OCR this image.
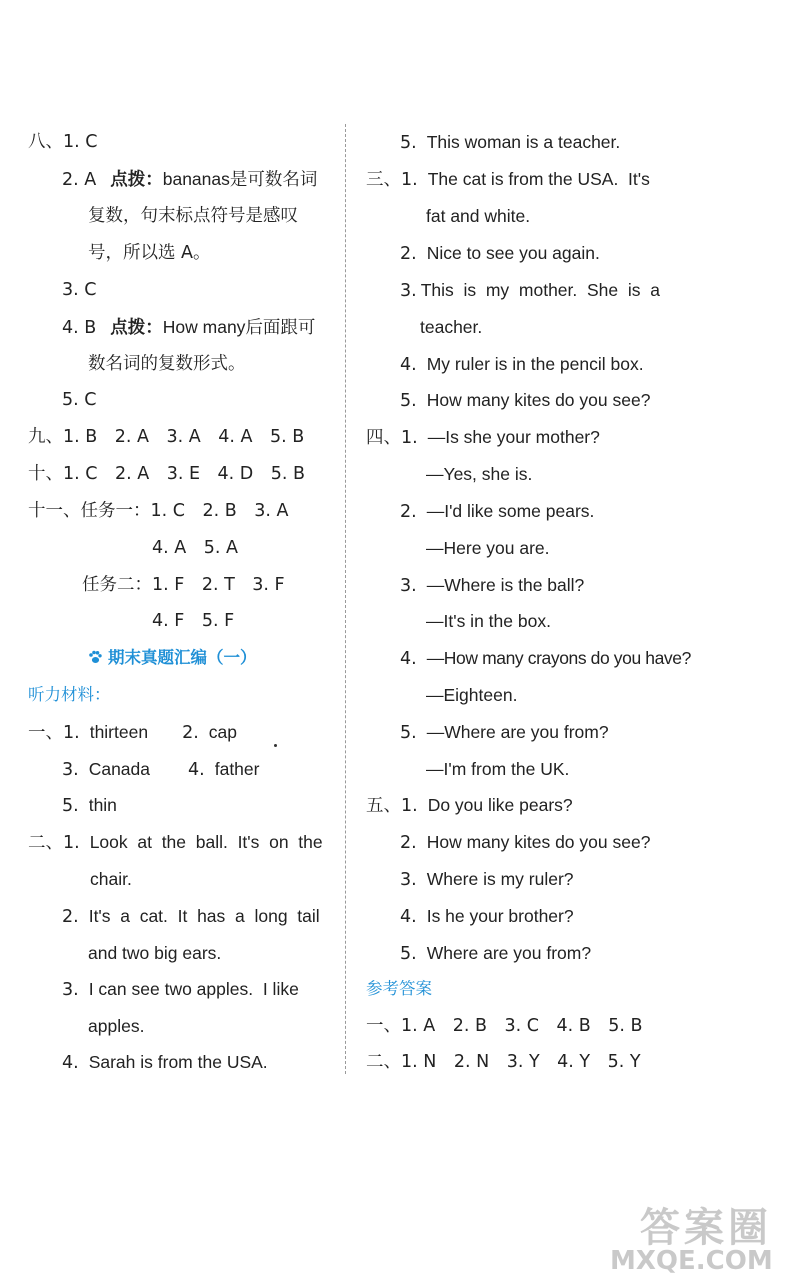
八、1. C
2. A 点拨：bananas是可数名词
复数，句末标点符号是感叹
号，所以选 A。
3. C
4. B 点拨：How many后面跟可
数名词的复数形式。
5. C
九、1. B　2. A　3. A　4. A　5. B
十、1. C　2. A　3. E　4. D　5. B
十一、任务一：1. C　2. B　3. A
4. A　5. A
任务二：1. F　2. T　3. F
4. F　5. F
期末真题汇编（一）
听力材料：
一、1. thirteen 2. cap
3. Canada 4. father
5. thin
二、1. Look  at  the  ball.  It's  on  the
chair.
2. It's  a  cat.  It  has  a  long  tail
and two big ears.
3. I can see two apples.  I like
apples.
4. Sarah is from the USA.
5. This woman is a teacher.
三、1. The cat is from the USA.  It's
fat and white.
2. Nice to see you again.
3. This  is  my  mother.  She  is  a
teacher.
4. My ruler is in the pencil box.
5. How many kites do you see?
四、1. —Is she your mother?
—Yes, she is.
2. —I'd like some pears.
—Here you are.
3. —Where is the ball?
—It's in the box.
4. —How many crayons do you have?
—Eighteen.
5. —Where are you from?
—I'm from the UK.
五、1. Do you like pears?
2. How many kites do you see?
3. Where is my ruler?
4. Is he your brother?
5. Where are you from?
参考答案
一、1. A　2. B　3. C　4. B　5. B
二、1. N　2. N　3. Y　4. Y　5. Y
答案圈
MXQE.COM
